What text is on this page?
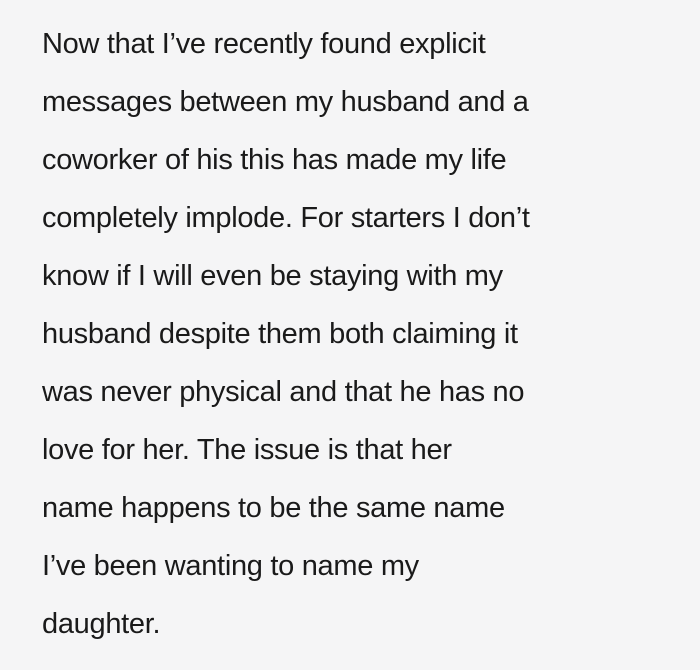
Now that I’ve recently found explicit
messages between my husband and a
coworker of his this has made my life
completely implode. For starters I don’t
know if I will even be staying with my
husband despite them both claiming it
was never physical and that he has no
love for her. The issue is that her
name happens to be the same name
I’ve been wanting to name my
daughter.
